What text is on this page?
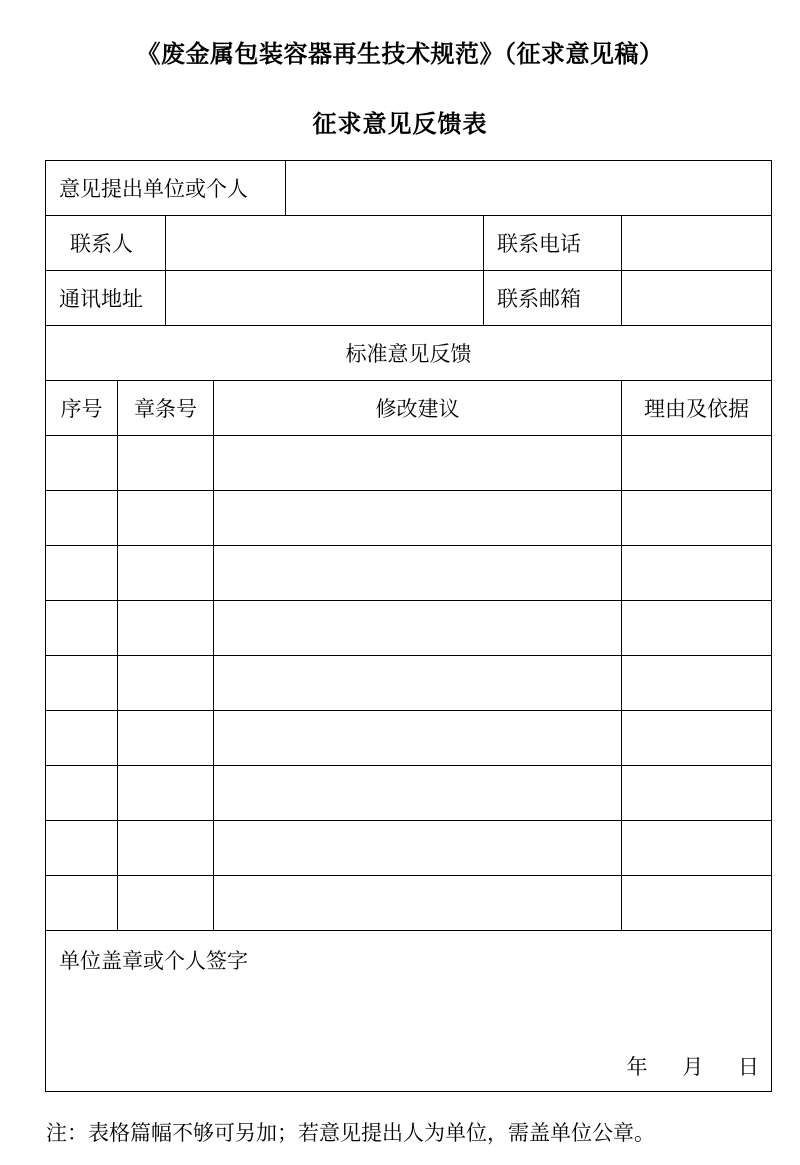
《废金属包装容器再生技术规范》（征求意见稿）
征求意见反馈表
意见提出单位或个人						
联系人					联系电话	
通讯地址					联系邮箱	
标准意见反馈						
序号	章条号		修改建议			理由及依据

单位盖章或个人签字
年 月 日						
注：表格篇幅不够可另加；若意见提出人为单位，需盖单位公章。
